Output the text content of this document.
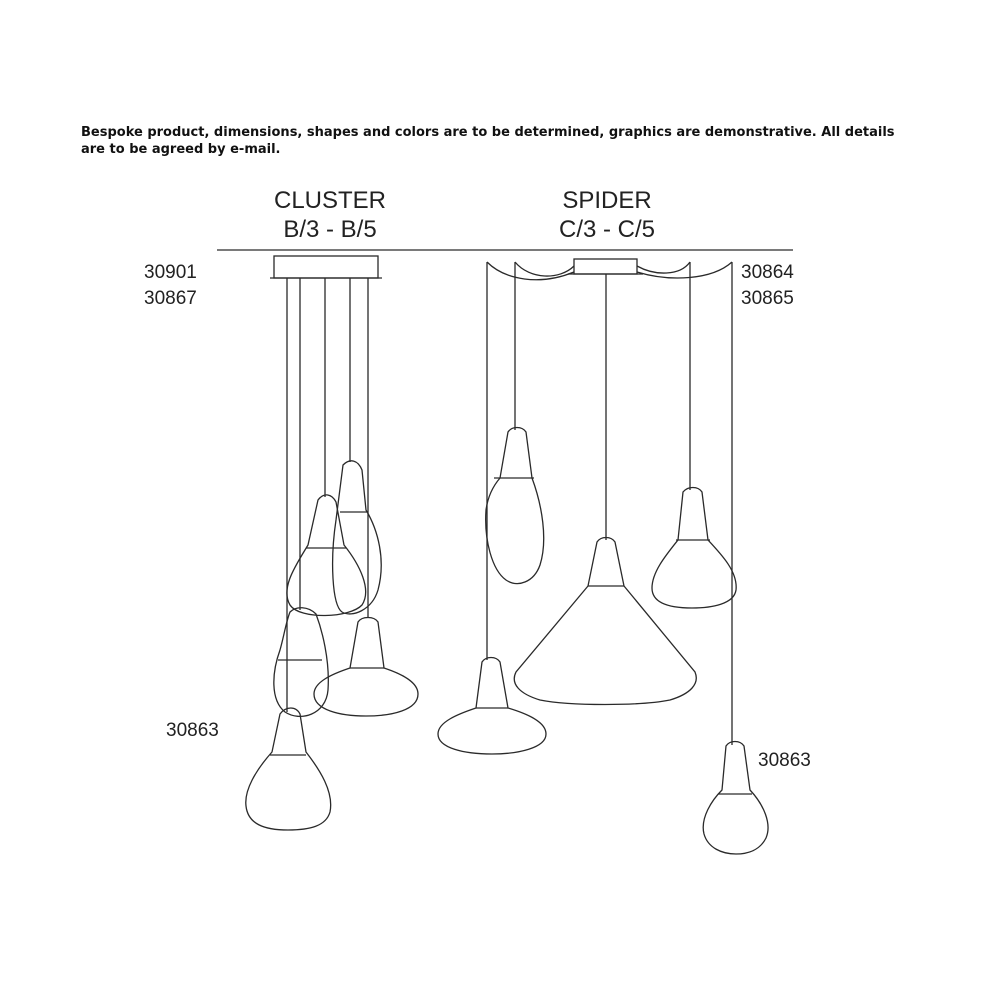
Bespoke product, dimensions, shapes and colors are to be determined, graphics are demonstrative. All details are to be agreed by e-mail.
CLUSTER
B/3 - B/5
SPIDER
C/3 - C/5
30901
30867
30864
30865
30863
30863
